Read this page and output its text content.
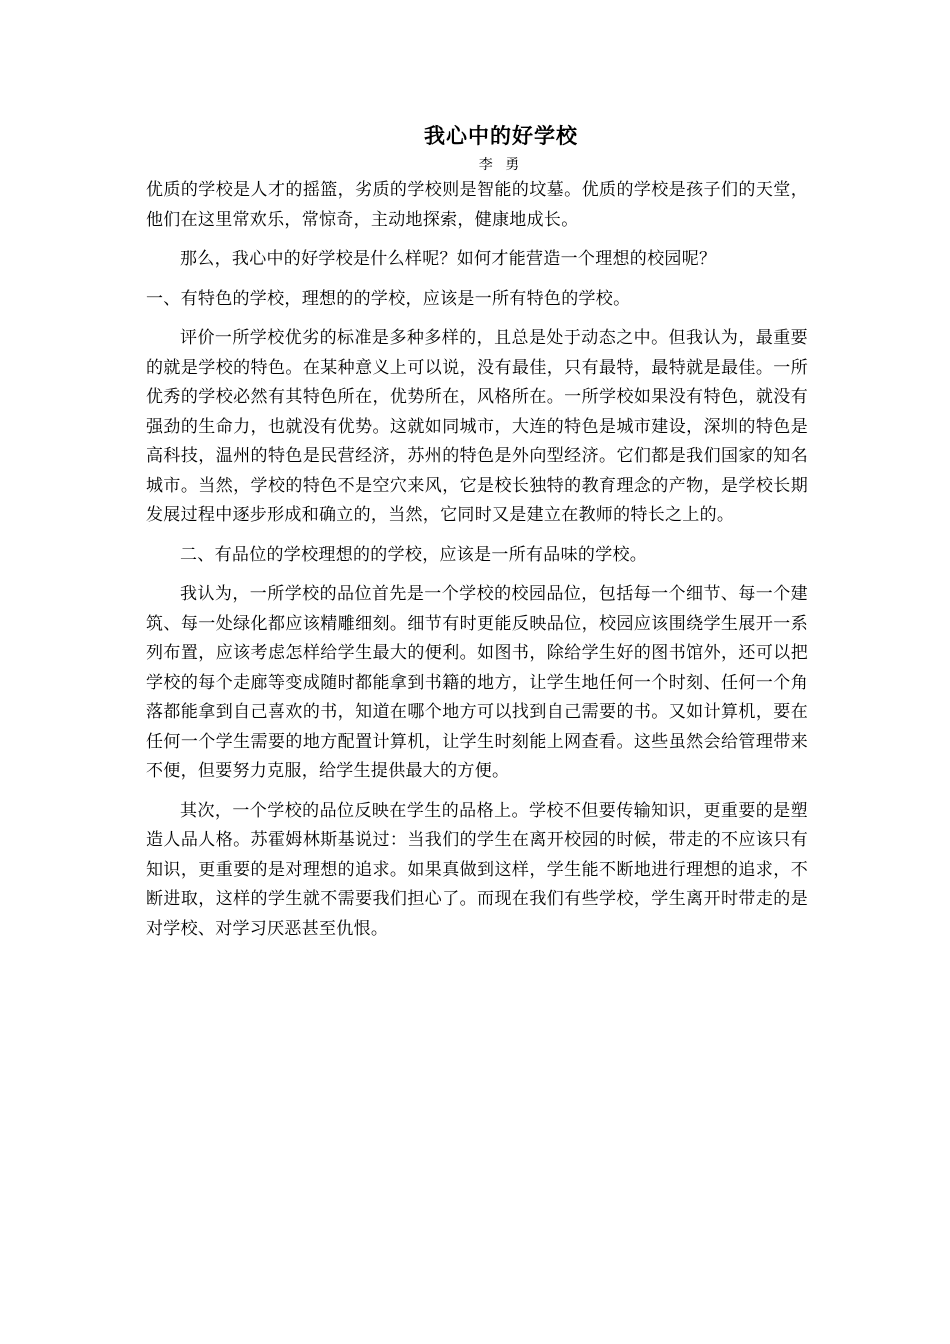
我心中的好学校
李 勇

优质的学校是人才的摇篮，劣质的学校则是智能的坟墓。优质的学校是孩子们的天堂，他们在这里常欢乐，常惊奇，主动地探索，健康地成长。

那么，我心中的好学校是什么样呢？如何才能营造一个理想的校园呢？

一、有特色的学校，理想的的学校，应该是一所有特色的学校。

评价一所学校优劣的标准是多种多样的，且总是处于动态之中。但我认为，最重要的就是学校的特色。在某种意义上可以说，没有最佳，只有最特，最特就是最佳。一所优秀的学校必然有其特色所在，优势所在，风格所在。一所学校如果没有特色，就没有强劲的生命力，也就没有优势。这就如同城市，大连的特色是城市建设，深圳的特色是高科技，温州的特色是民营经济，苏州的特色是外向型经济。它们都是我们国家的知名城市。当然，学校的特色不是空穴来风，它是校长独特的教育理念的产物，是学校长期发展过程中逐步形成和确立的，当然，它同时又是建立在教师的特长之上的。

二、有品位的学校理想的的学校，应该是一所有品味的学校。

我认为，一所学校的品位首先是一个学校的校园品位，包括每一个细节、每一个建筑、每一处绿化都应该精雕细刻。细节有时更能反映品位，校园应该围绕学生展开一系列布置，应该考虑怎样给学生最大的便利。如图书，除给学生好的图书馆外，还可以把学校的每个走廊等变成随时都能拿到书籍的地方，让学生地任何一个时刻、任何一个角落都能拿到自己喜欢的书，知道在哪个地方可以找到自己需要的书。又如计算机，要在任何一个学生需要的地方配置计算机，让学生时刻能上网查看。这些虽然会给管理带来不便，但要努力克服，给学生提供最大的方便。

其次，一个学校的品位反映在学生的品格上。学校不但要传输知识，更重要的是塑造人品人格。苏霍姆林斯基说过：当我们的学生在离开校园的时候，带走的不应该只有知识，更重要的是对理想的追求。如果真做到这样，学生能不断地进行理想的追求，不断进取，这样的学生就不需要我们担心了。而现在我们有些学校，学生离开时带走的是对学校、对学习厌恶甚至仇恨。
